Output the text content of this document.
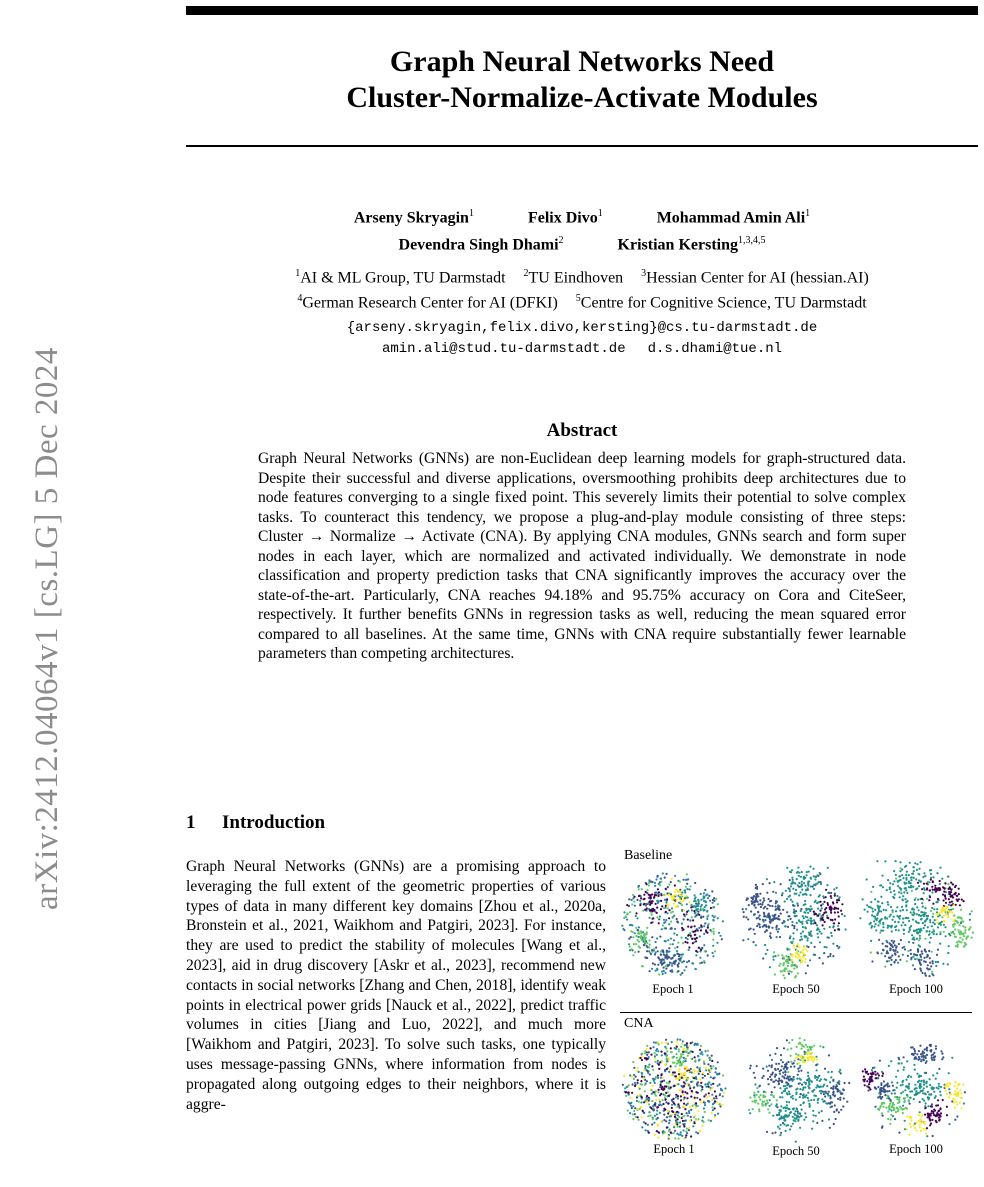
arXiv:2412.04064v1 [cs.LG] 5 Dec 2024
Graph Neural Networks Need
Cluster-Normalize-Activate Modules
Arseny Skryagin$^1$	Felix Divo$^1$	Mohammad Amin Ali$^1$
Devendra Singh Dhami$^2$	Kristian Kersting$^{1,3,4,5}$
$^1$AI & ML Group, TU Darmstadt $^2$TU Eindhoven $^3$Hessian Center for AI (hessian.AI)
$^4$German Research Center for AI (DFKI) $^5$Centre for Cognitive Science, TU Darmstadt
{arseny.skryagin,felix.divo,kersting}@cs.tu-darmstadt.de
amin.ali@stud.tu-darmstadt.de d.s.dhami@tue.nl
Abstract
Graph Neural Networks (GNNs) are non-Euclidean deep learning models for graph-structured data. Despite their successful and diverse applications, oversmoothing prohibits deep architectures due to node features converging to a single fixed point. This severely limits their potential to solve complex tasks. To counteract this tendency, we propose a plug-and-play module consisting of three steps: Cluster → Normalize → Activate (CNA). By applying CNA modules, GNNs search and form super nodes in each layer, which are normalized and activated individually. We demonstrate in node classification and property prediction tasks that CNA significantly improves the accuracy over the state-of-the-art. Particularly, CNA reaches 94.18% and 95.75% accuracy on Cora and CiteSeer, respectively. It further benefits GNNs in regression tasks as well, reducing the mean squared error compared to all baselines. At the same time, GNNs with CNA require substantially fewer learnable parameters than competing architectures.
1 Introduction
Graph Neural Networks (GNNs) are a promising approach to leveraging the full extent of the geometric properties of various types of data in many different key domains [Zhou et al., 2020a, Bronstein et al., 2021, Waikhom and Patgiri, 2023]. For instance, they are used to predict the stability of molecules [Wang et al., 2023], aid in drug discovery [Askr et al., 2023], recommend new contacts in social networks [Zhang and Chen, 2018], identify weak points in electrical power grids [Nauck et al., 2022], predict traffic volumes in cities [Jiang and Luo, 2022], and much more [Waikhom and Patgiri, 2023]. To solve such tasks, one typically uses message-passing GNNs, where information from nodes is propagated along outgoing edges to their neighbors, where it is aggre-
Baseline
Epoch 1	Epoch 50	Epoch 100
CNA
Epoch 1	Epoch 50	Epoch 100
